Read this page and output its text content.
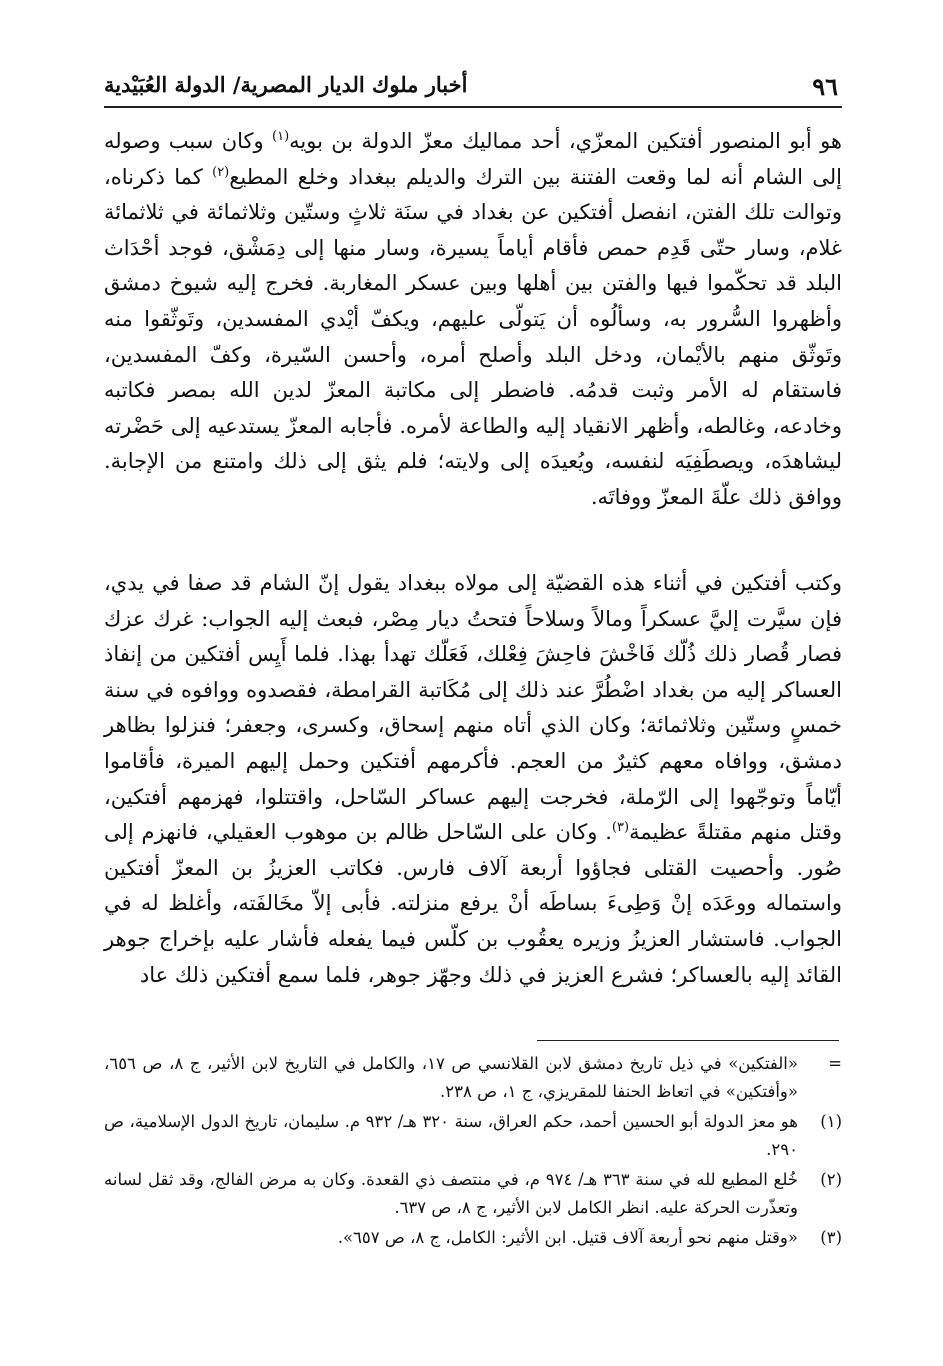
٩٦
أخبار ملوك الديار المصرية/ الدولة العُبَيْدية

هو أبو المنصور أفتكين المعزّي، أحد مماليك معزّ الدولة بن بويه$^{(١)}$ وكان سبب وصوله إلى الشام أنه لما وقعت الفتنة بين الترك والديلم ببغداد وخلع المطيع$^{(٢)}$ كما ذكرناه، وتوالت تلك الفتن، انفصل أفتكين عن بغداد في سنَة ثلاثٍ وستّين وثلاثمائة في ثلاثمائة غلام، وسار حتّى قَدِم حمص فأقام أياماً يسيرة، وسار منها إلى دِمَشْق، فوجد أحْدَاث البلد قد تحكّموا فيها والفتن بين أهلها وبين عسكر المغاربة. فخرج إليه شيوخ دمشق وأظهروا السُّرور به، وسألُوه أن يَتولّى عليهم، ويكفّ أيْدي المفسدين، وتَوثّقوا منه وتَوثّق منهم بالأيْمان، ودخل البلد وأصلح أمره، وأحسن السّيرة، وكفّ المفسدين، فاستقام له الأمر وثبت قدمُه. فاضطر إلى مكاتبة المعزّ لدين الله بمصر فكاتبه وخادعه، وغالطه، وأظهر الانقياد إليه والطاعة لأمره. فأجابه المعزّ يستدعيه إلى حَضْرته ليشاهدَه، ويصطَفِيَه لنفسه، ويُعيدَه إلى ولايته؛ فلم يثق إلى ذلك وامتنع من الإجابة. ووافق ذلك علّةَ المعزّ ووفاتَه.

وكتب أفتكين في أثناء هذه القضيّة إلى مولاه ببغداد يقول إنّ الشام قد صفا في يدي، فإن سيَّرت إليَّ عسكراً ومالاً وسلاحاً فتحتُ ديار مِصْر، فبعث إليه الجواب: غرك عزك فصار قُصار ذلك ذُلّك فَاخْشَ فاحِشَ فِعْلك، فَعَلّك تهدأ بهذا. فلما أَيِس أفتكين من إنفاذ العساكر إليه من بغداد اضْطُرَّ عند ذلك إلى مُكَاتبة القرامطة، فقصدوه ووافوه في سنة خمسٍ وستّين وثلاثمائة؛ وكان الذي أتاه منهم إسحاق، وكسرى، وجعفر؛ فنزلوا بظاهر دمشق، ووافاه معهم كثيرٌ من العجم. فأكرمهم أفتكين وحمل إليهم الميرة، فأقاموا أيّاماً وتوجّهوا إلى الرّملة، فخرجت إليهم عساكر السّاحل، واقتتلوا، فهزمهم أفتكين، وقتل منهم مقتلةً عظيمة$^{(٣)}$. وكان على السّاحل ظالم بن موهوب العقيلي، فانهزم إلى صُور. وأحصيت القتلى فجاؤوا أربعة آلاف فارس. فكاتب العزيزُ بن المعزّ أفتكين واستماله ووعَدَه إنْ وَطِىءَ بساطَه أنْ يرفع منزلته. فأبى إلاّ مخَالفَته، وأغلظ له في الجواب. فاستشار العزيزُ وزيره يعقُوب بن كلّس فيما يفعله فأشار عليه بإخراج جوهر القائد إليه بالعساكر؛ فشرع العزيز في ذلك وجهّز جوهر، فلما سمع أفتكين ذلك عاد

=
«الفتكين» في ذيل تاريخ دمشق لابن القلانسي ص ١٧، والكامل في التاريخ لابن الأثير، ج ٨، ص ٦٥٦، «وأفتكين» في اتعاظ الحنفا للمقريزي، ج ١، ص ٢٣٨.
(١)
هو معز الدولة أبو الحسين أحمد، حكم العراق، سنة ٣٢٠ هـ/ ٩٣٢ م. سليمان، تاريخ الدول الإسلامية، ص ٢٩٠.
(٢)
خُلع المطيع لله في سنة ٣٦٣ هـ/ ٩٧٤ م، في منتصف ذي القعدة. وكان به مرض الفالج، وقد ثقل لسانه وتعذّرت الحركة عليه. انظر الكامل لابن الأثير، ج ٨، ص ٦٣٧.
(٣)
«وقتل منهم نحو أربعة آلاف قتيل. ابن الأثير: الكامل، ج ٨، ص ٦٥٧».
